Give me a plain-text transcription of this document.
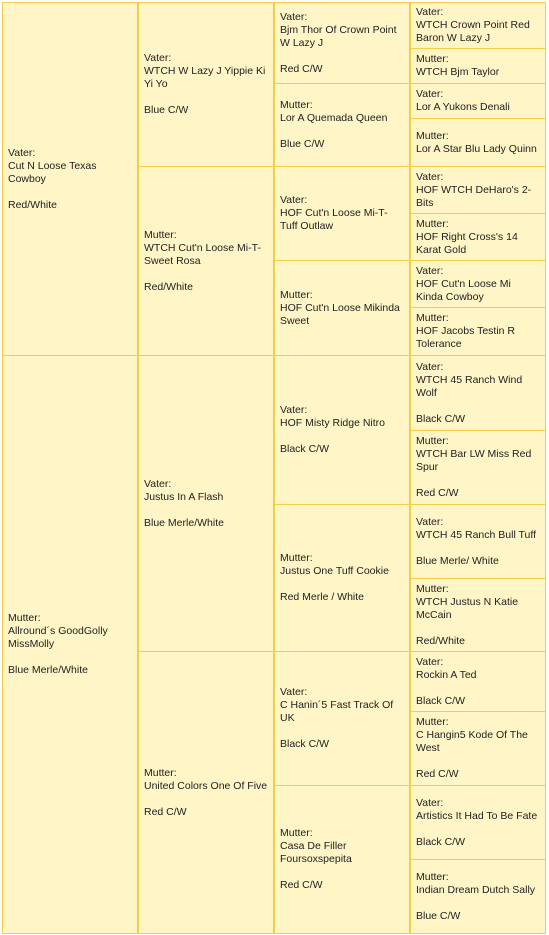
Vater:
Cut N Loose Texas Cowboy
Red/White
Mutter:
Allround´s GoodGolly MissMolly
Blue Merle/White
Vater:
WTCH W Lazy J Yippie Ki Yi Yo
Blue C/W
Mutter:
WTCH Cut'n Loose Mi-T-Sweet Rosa
Red/White
Vater:
Justus In A Flash
Blue Merle/White
Mutter:
United Colors One Of Five
Red C/W
Vater:
Bjm Thor Of Crown Point W Lazy J
Red C/W
Mutter:
Lor A Quemada Queen
Blue C/W
Vater:
HOF Cut'n Loose Mi-T-Tuff Outlaw
Mutter:
HOF Cut'n Loose Mikinda Sweet
Vater:
HOF Misty Ridge Nitro
Black C/W
Mutter:
Justus One Tuff Cookie
Red Merle / White
Vater:
C Hanin´5 Fast Track Of UK
Black C/W
Mutter:
Casa De Filler Foursoxspepita
Red C/W
Vater:
WTCH Crown Point Red Baron W Lazy J
Mutter:
WTCH Bjm Taylor
Vater:
Lor A Yukons Denali
Mutter:
Lor A Star Blu Lady Quinn
Vater:
HOF WTCH DeHaro's 2-Bits
Mutter:
HOF Right Cross's 14 Karat Gold
Vater:
HOF Cut'n Loose Mi Kinda Cowboy
Mutter:
HOF Jacobs Testin R Tolerance
Vater:
WTCH 45 Ranch Wind Wolf
Black C/W
Mutter:
WTCH Bar LW Miss Red Spur
Red C/W
Vater:
WTCH 45 Ranch Bull Tuff
Blue Merle/ White
Mutter:
WTCH Justus N Katie McCain
Red/White
Vater:
Rockin A Ted
Black C/W
Mutter:
C Hangin5 Kode Of The West
Red C/W
Vater:
Artistics It Had To Be Fate
Black C/W
Mutter:
Indian Dream Dutch Sally
Blue C/W
